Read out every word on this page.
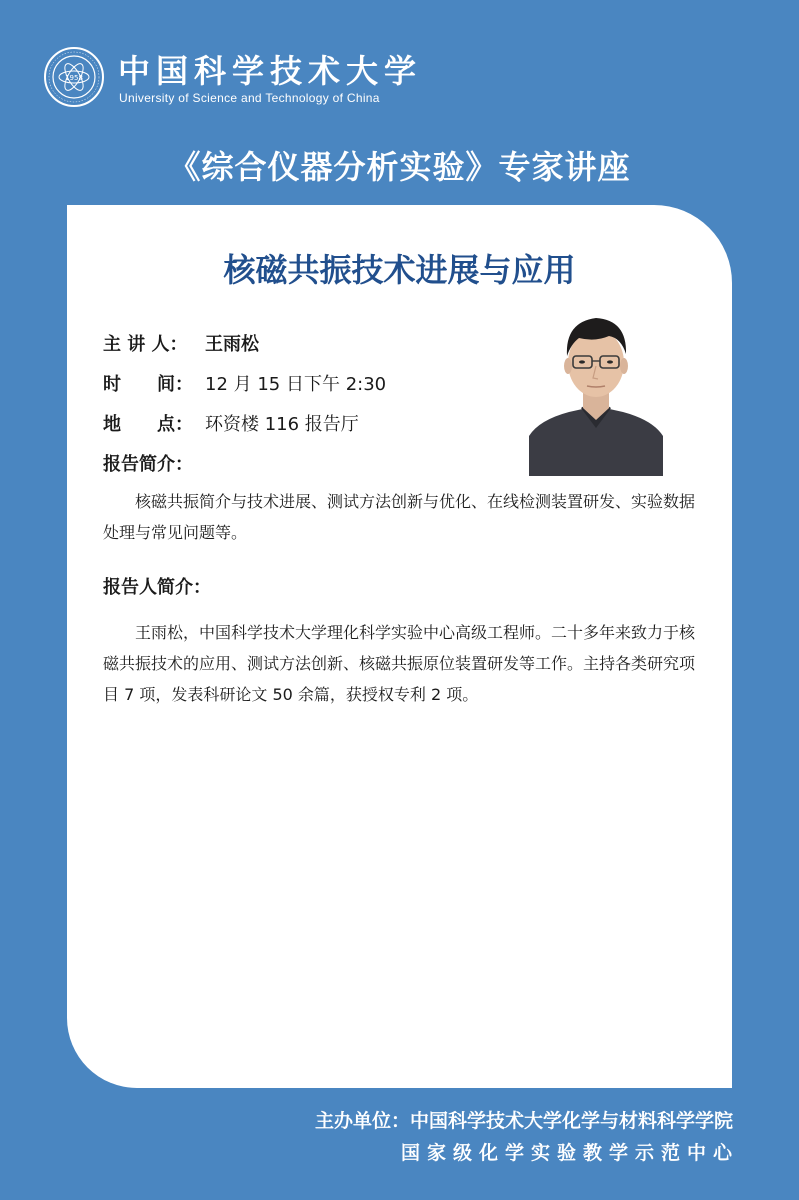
1958 中国科学技术大学
University of Science and Technology of China
《综合仪器分析实验》专家讲座
核磁共振技术进展与应用
主 讲 人： 王雨松
时　　间： 12 月 15 日下午 2:30
地　　点： 环资楼 116 报告厅
报告简介：

核磁共振简介与技术进展、测试方法创新与优化、在线检测装置研发、实验数据处理与常见问题等。

报告人简介：

王雨松，中国科学技术大学理化科学实验中心高级工程师。二十多年来致力于核磁共振技术的应用、测试方法创新、核磁共振原位装置研发等工作。主持各类研究项目 7 项，发表科研论文 50 余篇，获授权专利 2 项。

主办单位：中国科学技术大学化学与材料科学学院
国家级化学实验教学示范中心
